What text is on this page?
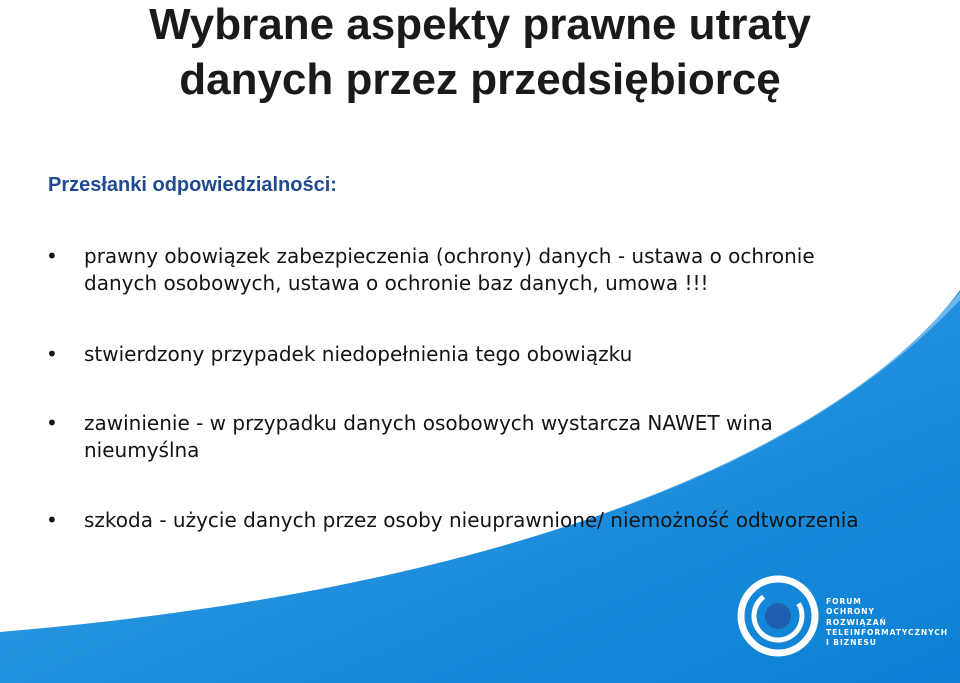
Wybrane aspekty prawne utraty
danych przez przedsiębiorcę

Przesłanki odpowiedzialności:

•	prawny obowiązek zabezpieczenia (ochrony) danych - ustawa o ochronie danych osobowych, ustawa o ochronie baz danych, umowa !!!
•	stwierdzony przypadek niedopełnienia tego obowiązku
•	zawinienie - w przypadku danych osobowych wystarcza NAWET wina nieumyślna
•	szkoda - użycie danych przez osoby nieuprawnione/ niemożność odtworzenia
FORUM
OCHRONY
ROZWIĄZAŃ
TELEINFORMATYCZNYCH
I BIZNESU
